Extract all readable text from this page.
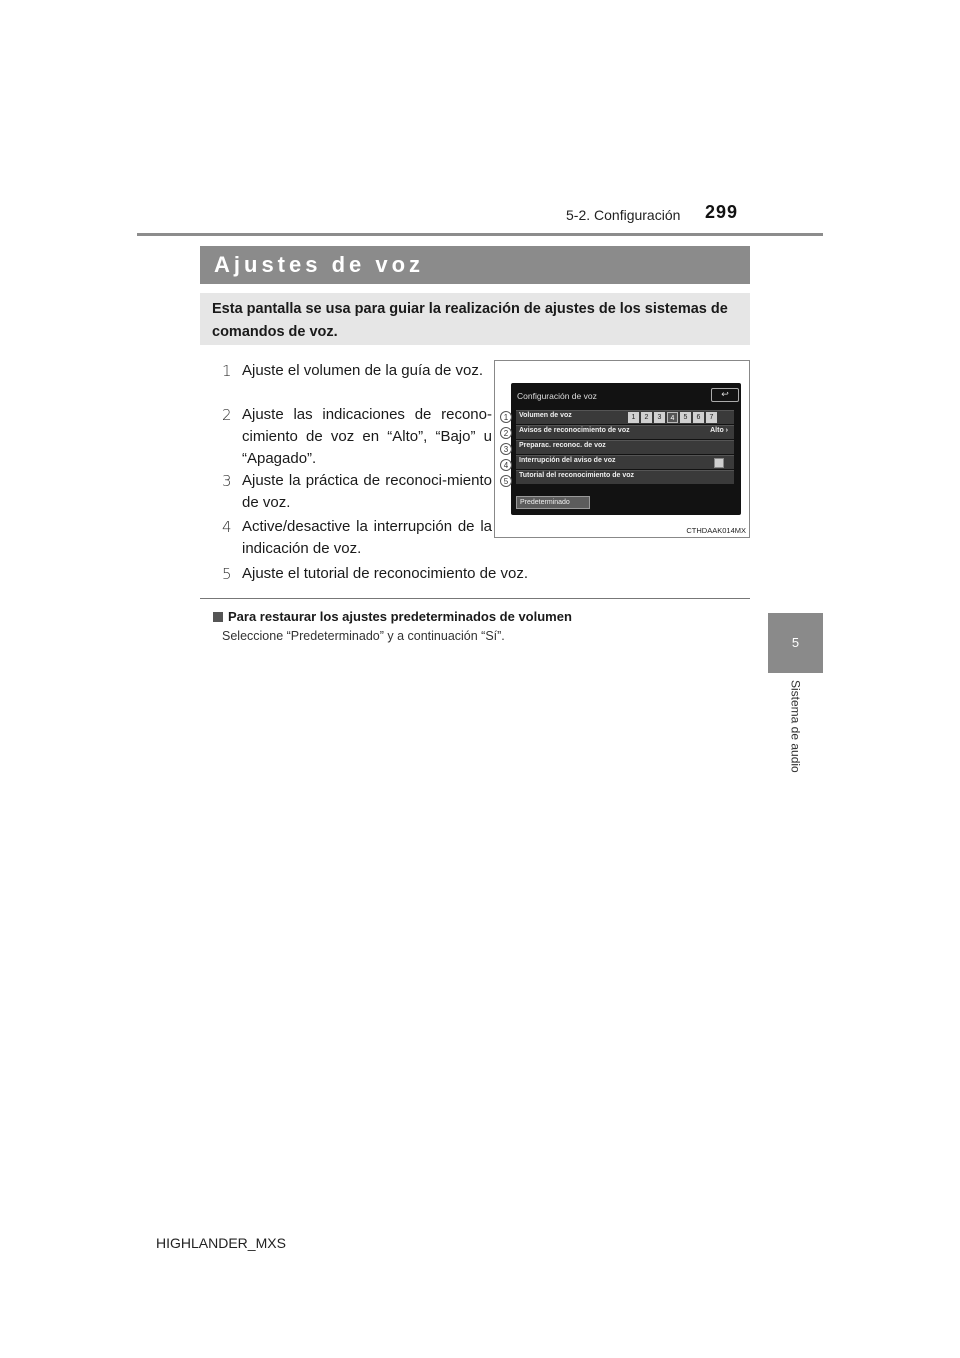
5-2. Configuración 299
5
Sistema de audio
Ajustes de voz
Esta pantalla se usa para guiar la realización de ajustes de los sistemas de comandos de voz.
1 Ajuste el volumen de la guía de voz.
2 Ajuste las indicaciones de recono-cimiento de voz en “Alto”, “Bajo” u “Apagado”.
3 Ajuste la práctica de reconoci-miento de voz.
4 Active/desactive la interrupción de la indicación de voz.
5 Ajuste el tutorial de reconocimiento de voz.
Configuración de voz	↩
Volumen de voz	1	2	3	4	5	6	7
Avisos de reconocimiento de voz	Alto ›
Preparac. reconoc. de voz
Interrupción del aviso de voz
Tutorial del reconocimiento de voz
Predeterminado
1
2
3
4
5
CTHDAAK014MX
Para restaurar los ajustes predeterminados de volumen
Seleccione “Predeterminado” y a continuación “Sí”.
HIGHLANDER_MXS
